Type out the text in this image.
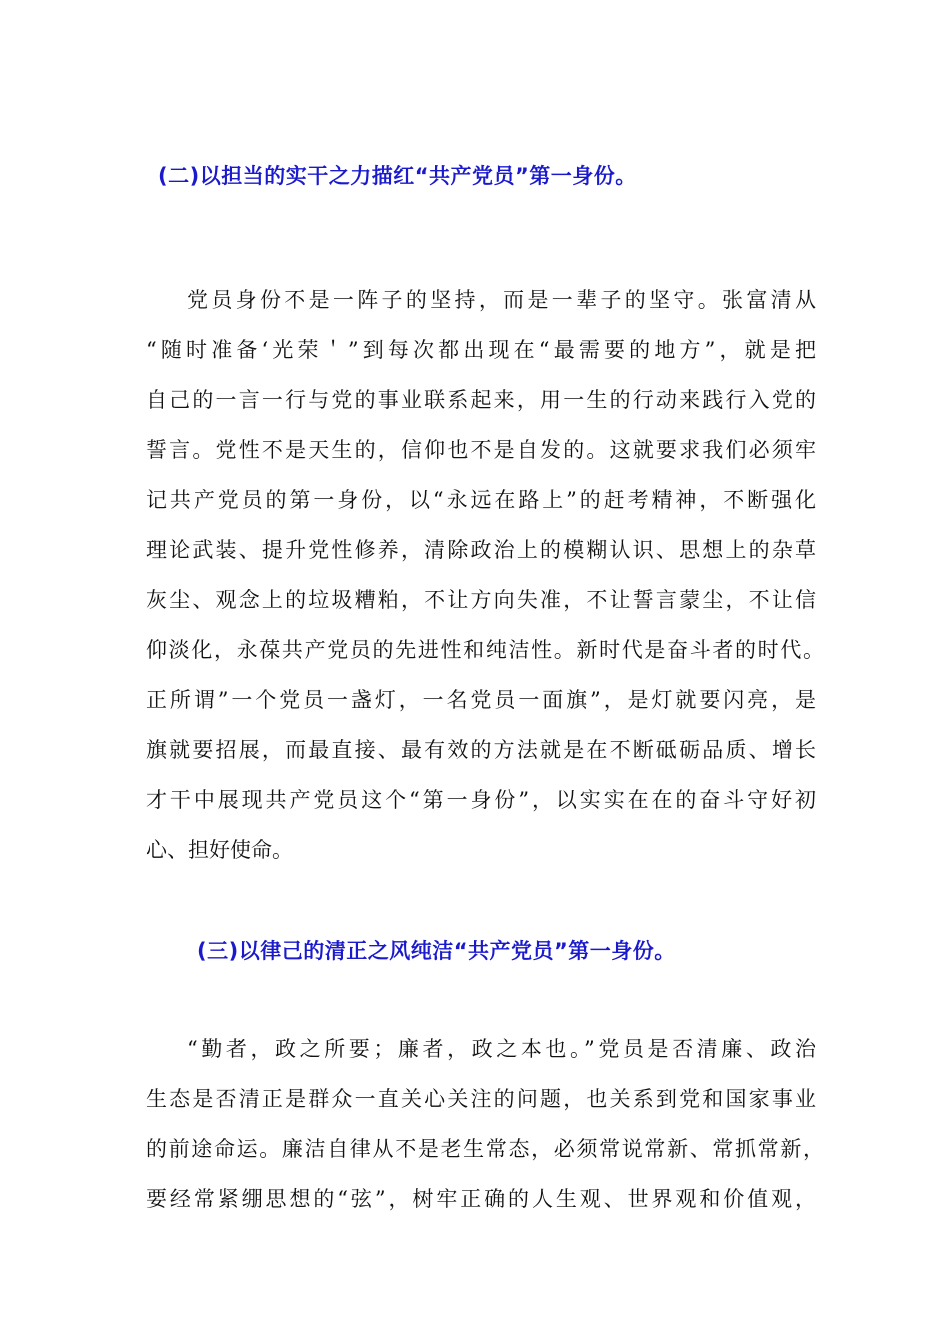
(二)以担当的实干之力描红“共产党员”第一身份。
党员身份不是一阵子的坚持，而是一辈子的坚守。张富清从
“随时准备‘光荣＇”到每次都出现在“最需要的地方”，就是把
自己的一言一行与党的事业联系起来，用一生的行动来践行入党的
誓言。党性不是天生的，信仰也不是自发的。这就要求我们必须牢
记共产党员的第一身份，以“永远在路上”的赶考精神，不断强化
理论武装、提升党性修养，清除政治上的模糊认识、思想上的杂草
灰尘、观念上的垃圾糟粕，不让方向失准，不让誓言蒙尘，不让信
仰淡化，永葆共产党员的先进性和纯洁性。新时代是奋斗者的时代。
正所谓”一个党员一盏灯，一名党员一面旗”，是灯就要闪亮，是
旗就要招展，而最直接、最有效的方法就是在不断砥砺品质、增长
才干中展现共产党员这个“第一身份”，以实实在在的奋斗守好初
心、担好使命。
(三)以律己的清正之风纯洁“共产党员”第一身份。
“勤者，政之所要；廉者，政之本也。”党员是否清廉、政治
生态是否清正是群众一直关心关注的问题，也关系到党和国家事业
的前途命运。廉洁自律从不是老生常态，必须常说常新、常抓常新，
要经常紧绷思想的“弦”，树牢正确的人生观、世界观和价值观，
